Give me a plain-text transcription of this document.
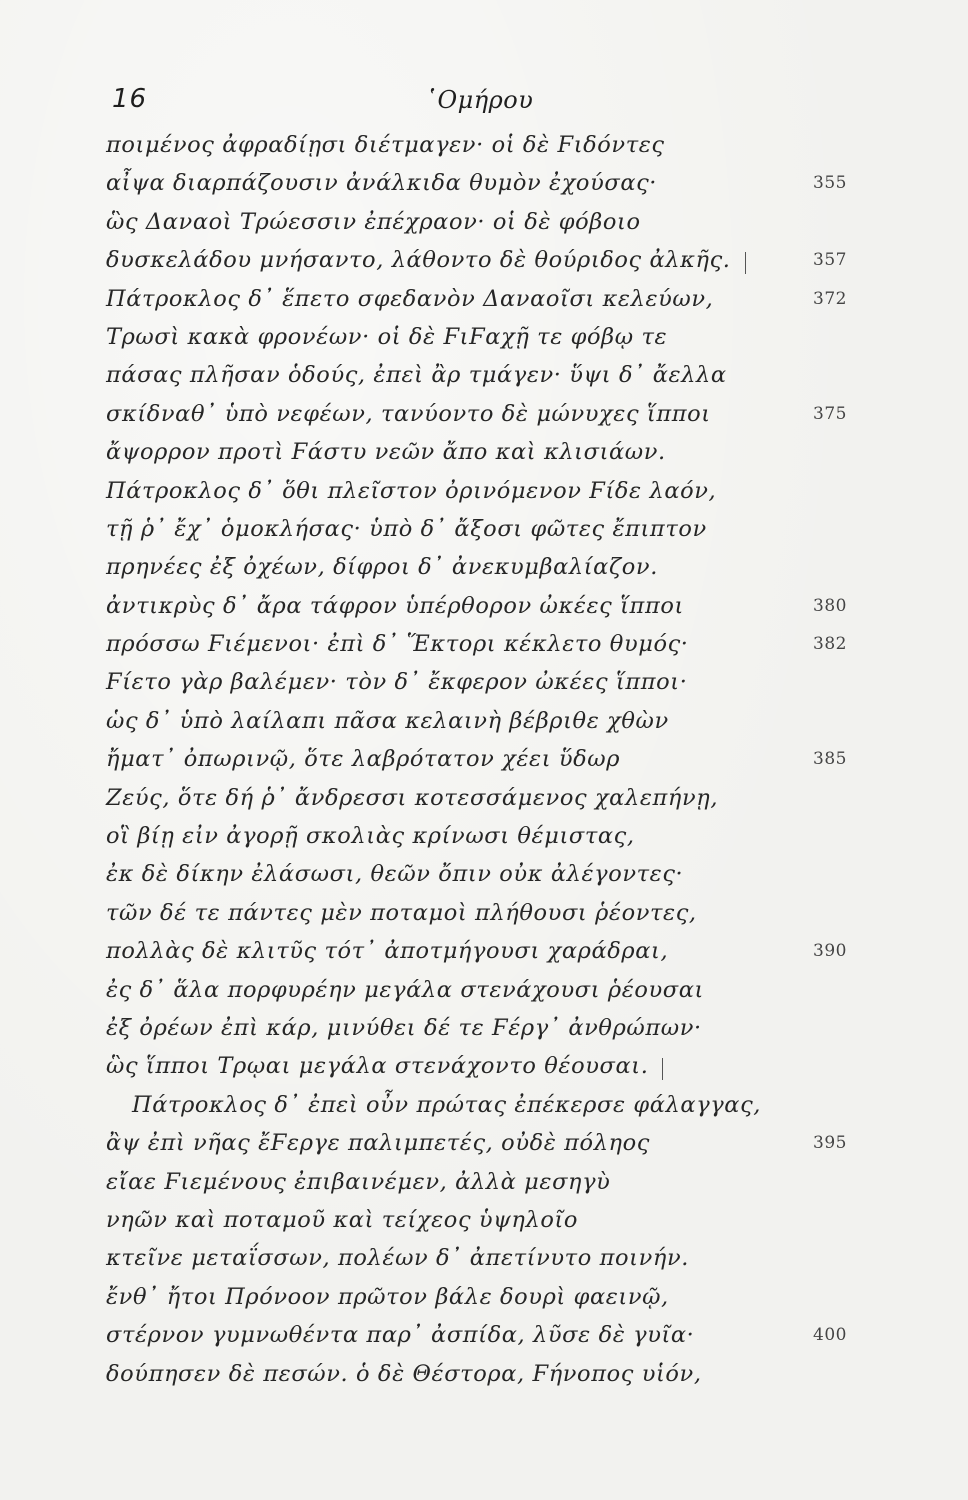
16	῾Ομήρου
ποιμένος ἀφραδίῃσι διέτμαγεν· οἱ δὲ Ϝιδόντες
αἶψα διαρπάζουσιν ἀνάλκιδα θυμὸν ἐχούσας·	355
ὣς Δαναοὶ Τρώεσσιν ἐπέχραον· οἱ δὲ φόβοιο
δυσκελάδου μνήσαντο, λάθοντο δὲ θούριδος ἀλκῆς.	357
Πάτροκλος δ᾽ ἕπετο σφεδανὸν Δαναοῖσι κελεύων,	372
Τρωσὶ κακὰ φρονέων· οἱ δὲ ϜιϜαχῇ τε φόβῳ τε
πάσας πλῆσαν ὁδούς, ἐπεὶ ἂρ τμάγεν· ὕψι δ᾽ ἄελλα
σκίδναθ᾽ ὑπὸ νεφέων, τανύοντο δὲ μώνυχες ἵπποι	375
ἄψορρον προτὶ Ϝάστυ νεῶν ἄπο καὶ κλισιάων.
Πάτροκλος δ᾽ ὅθι πλεῖστον ὀρινόμενον Ϝίδε λαόν,
τῇ ῥ᾽ ἔχ᾽ ὁμοκλήσας· ὑπὸ δ᾽ ἄξοσι φῶτες ἔπιπτον
πρηνέες ἐξ ὀχέων, δίφροι δ᾽ ἀνεκυμβαλίαζον.
ἀντικρὺς δ᾽ ἄρα τάφρον ὑπέρθορον ὠκέες ἵπποι	380
πρόσσω Ϝιέμενοι· ἐπὶ δ᾽ Ἕκτορι κέκλετο θυμός·	382
Ϝίετο γὰρ βαλέμεν· τὸν δ᾽ ἔκφερον ὠκέες ἵπποι·
ὡς δ᾽ ὑπὸ λαίλαπι πᾶσα κελαινὴ βέβριθε χθὼν
ἤματ᾽ ὀπωρινῷ, ὅτε λαβρότατον χέει ὕδωρ	385
Ζεύς, ὅτε δή ῥ᾽ ἄνδρεσσι κοτεσσάμενος χαλεπήνῃ,
οἳ βίῃ εἰν ἀγορῇ σκολιὰς κρίνωσι θέμιστας,
ἐκ δὲ δίκην ἐλάσωσι, θεῶν ὄπιν οὐκ ἀλέγοντες·
τῶν δέ τε πάντες μὲν ποταμοὶ πλήθουσι ῥέοντες,
πολλὰς δὲ κλιτῦς τότ᾽ ἀποτμήγουσι χαράδραι,	390
ἐς δ᾽ ἅλα πορφυρέην μεγάλα στενάχουσι ῥέουσαι
ἐξ ὀρέων ἐπὶ κάρ, μινύθει δέ τε Ϝέργ᾽ ἀνθρώπων·
ὣς ἵπποι Τρῳαι μεγάλα στενάχοντο θέουσαι.
Πάτροκλος δ᾽ ἐπεὶ οὖν πρώτας ἐπέκερσε φάλαγγας,
ἂψ ἐπὶ νῆας ἔϜεργε παλιμπετές, οὐδὲ πόληος	395
εἴαε Ϝιεμένους ἐπιβαινέμεν, ἀλλὰ μεσηγὺ
νηῶν καὶ ποταμοῦ καὶ τείχεος ὑψηλοῖο
κτεῖνε μεταΐσσων, πολέων δ᾽ ἀπετίνυτο ποινήν.
ἔνθ᾽ ἤτοι Πρόνοον πρῶτον βάλε δουρὶ φαεινῷ,
στέρνον γυμνωθέντα παρ᾽ ἀσπίδα, λῦσε δὲ γυῖα·	400
δούπησεν δὲ πεσών. ὁ δὲ Θέστορα, Ϝήνοπος υἱόν,
